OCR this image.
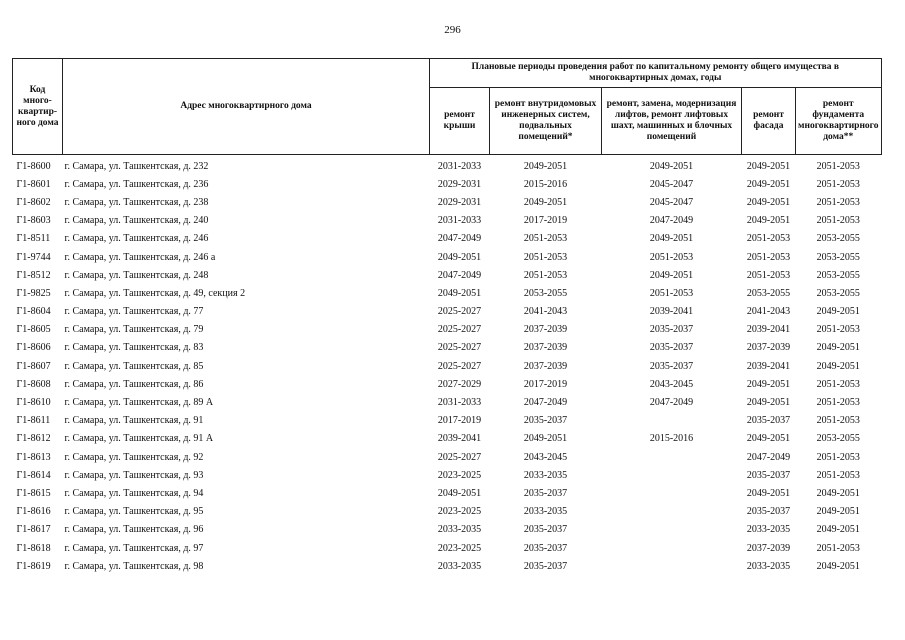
296
Код много-квартир-ного дома	Адрес многоквартирного дома	Плановые периоды проведения работ по капитальному ремонту общего имущества в многоквартирных домах, годы				
		ремонт крыши	ремонт внутридомовых инженерных систем, подвальных помещений*	ремонт, замена, модернизация лифтов, ремонт лифтовых шахт, машинных и блочных помещений	ремонт фасада	ремонт фундамента многоквартирного дома**
Г1-8600	г. Самара, ул. Ташкентская, д. 232	2031-2033	2049-2051	2049-2051	2049-2051	2051-2053
Г1-8601	г. Самара, ул. Ташкентская, д. 236	2029-2031	2015-2016	2045-2047	2049-2051	2051-2053
Г1-8602	г. Самара, ул. Ташкентская, д. 238	2029-2031	2049-2051	2045-2047	2049-2051	2051-2053
Г1-8603	г. Самара, ул. Ташкентская, д. 240	2031-2033	2017-2019	2047-2049	2049-2051	2051-2053
Г1-8511	г. Самара, ул. Ташкентская, д. 246	2047-2049	2051-2053	2049-2051	2051-2053	2053-2055
Г1-9744	г. Самара, ул. Ташкентская, д. 246 а	2049-2051	2051-2053	2051-2053	2051-2053	2053-2055
Г1-8512	г. Самара, ул. Ташкентская, д. 248	2047-2049	2051-2053	2049-2051	2051-2053	2053-2055
Г1-9825	г. Самара, ул. Ташкентская, д. 49, секция 2	2049-2051	2053-2055	2051-2053	2053-2055	2053-2055
Г1-8604	г. Самара, ул. Ташкентская, д. 77	2025-2027	2041-2043	2039-2041	2041-2043	2049-2051
Г1-8605	г. Самара, ул. Ташкентская, д. 79	2025-2027	2037-2039	2035-2037	2039-2041	2051-2053
Г1-8606	г. Самара, ул. Ташкентская, д. 83	2025-2027	2037-2039	2035-2037	2037-2039	2049-2051
Г1-8607	г. Самара, ул. Ташкентская, д. 85	2025-2027	2037-2039	2035-2037	2039-2041	2049-2051
Г1-8608	г. Самара, ул. Ташкентская, д. 86	2027-2029	2017-2019	2043-2045	2049-2051	2051-2053
Г1-8610	г. Самара, ул. Ташкентская, д. 89 А	2031-2033	2047-2049	2047-2049	2049-2051	2051-2053
Г1-8611	г. Самара, ул. Ташкентская, д. 91	2017-2019	2035-2037		2035-2037	2051-2053
Г1-8612	г. Самара, ул. Ташкентская, д. 91 А	2039-2041	2049-2051	2015-2016	2049-2051	2053-2055
Г1-8613	г. Самара, ул. Ташкентская, д. 92	2025-2027	2043-2045		2047-2049	2051-2053
Г1-8614	г. Самара, ул. Ташкентская, д. 93	2023-2025	2033-2035		2035-2037	2051-2053
Г1-8615	г. Самара, ул. Ташкентская, д. 94	2049-2051	2035-2037		2049-2051	2049-2051
Г1-8616	г. Самара, ул. Ташкентская, д. 95	2023-2025	2033-2035		2035-2037	2049-2051
Г1-8617	г. Самара, ул. Ташкентская, д. 96	2033-2035	2035-2037		2033-2035	2049-2051
Г1-8618	г. Самара, ул. Ташкентская, д. 97	2023-2025	2035-2037		2037-2039	2051-2053
Г1-8619	г. Самара, ул. Ташкентская, д. 98	2033-2035	2035-2037		2033-2035	2049-2051
